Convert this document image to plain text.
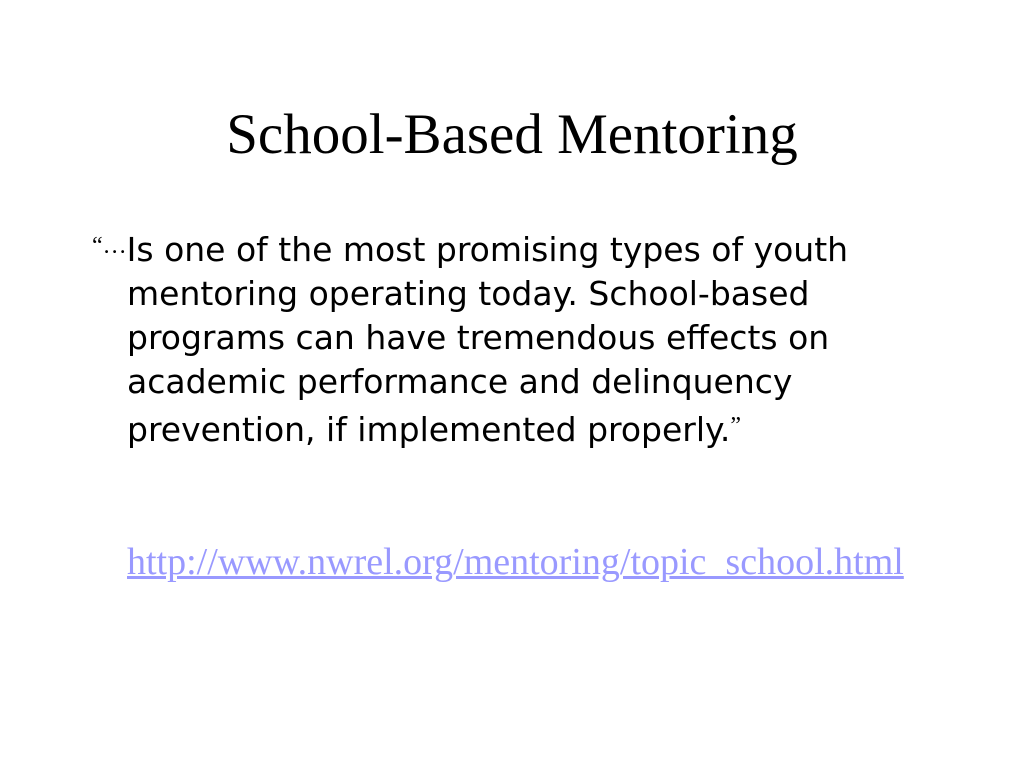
School-Based Mentoring

“…Is one of the most promising types of youth mentoring operating today. School-based programs can have tremendous effects on academic performance and delinquency prevention, if implemented properly.”

http://www.nwrel.org/mentoring/topic_school.html
